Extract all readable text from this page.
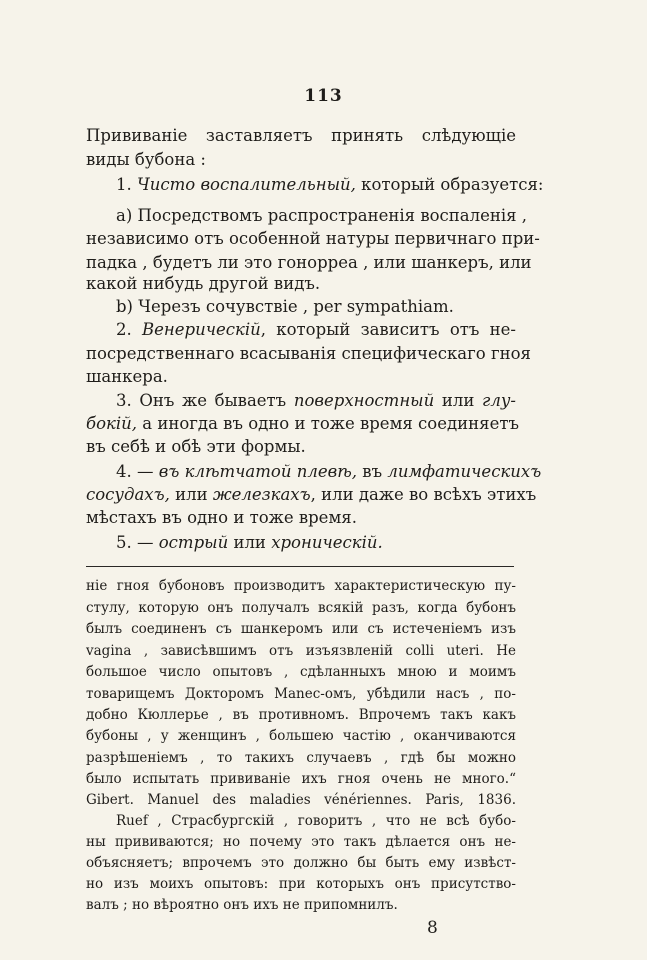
113
Прививаніе заставляетъ принять слѣдующіе
виды бубона :
1. Чисто воспалительный, который образуется:
a) Посредствомъ распространенія воспаленія ,
независимо отъ особенной натуры первичнаго при-
падка , будетъ ли это гонорреа , или шанкеръ, или
какой нибудь другой видъ.
b) Черезъ сочувствіе , per sympathiam.
2. Венерическій, который зависитъ отъ не-
посредственнаго всасыванія специфическаго гноя
шанкера.
3. Онъ же бываетъ поверхностный или глу-
бокій, а иногда въ одно и тоже время соединяетъ
въ себѣ и обѣ эти формы.
4. — въ клѣтчатой плевѣ, въ лимфатическихъ
сосудахъ, или железкахъ, или даже во всѣхъ этихъ
мѣстахъ въ одно и тоже время.
5. — острый или хроническій.
ніе гноя бубоновъ производитъ характеристическую пу-
стулу, которую онъ получалъ всякій разъ, когда бубонъ
былъ соединенъ съ шанкеромъ или съ истеченіемъ изъ
vagina , зависѣвшимъ отъ изъязвленій colli uteri. Не
большое число опытовъ , сдѣланныхъ мною и моимъ
товарищемъ Докторомъ Manec-омъ, убѣдили насъ , по-
добно Кюллерье , въ противномъ. Впрочемъ такъ какъ
бубоны , у женщинъ , большею частію , оканчиваются
разрѣшеніемъ , то такихъ случаевъ , гдѣ бы можно
было испытать прививаніе ихъ гноя очень не много.“
Gibert. Manuel des maladies vénériennes. Paris, 1836.
Ruef , Страсбургскій , говоритъ , что не всѣ бубо-
ны прививаются; но почему это такъ дѣлается онъ не-
объясняетъ; впрочемъ это должно бы быть ему извѣст-
но изъ моихъ опытовъ: при которыхъ онъ присутство-
валъ ; но вѣроятно онъ ихъ не припомнилъ.
8
